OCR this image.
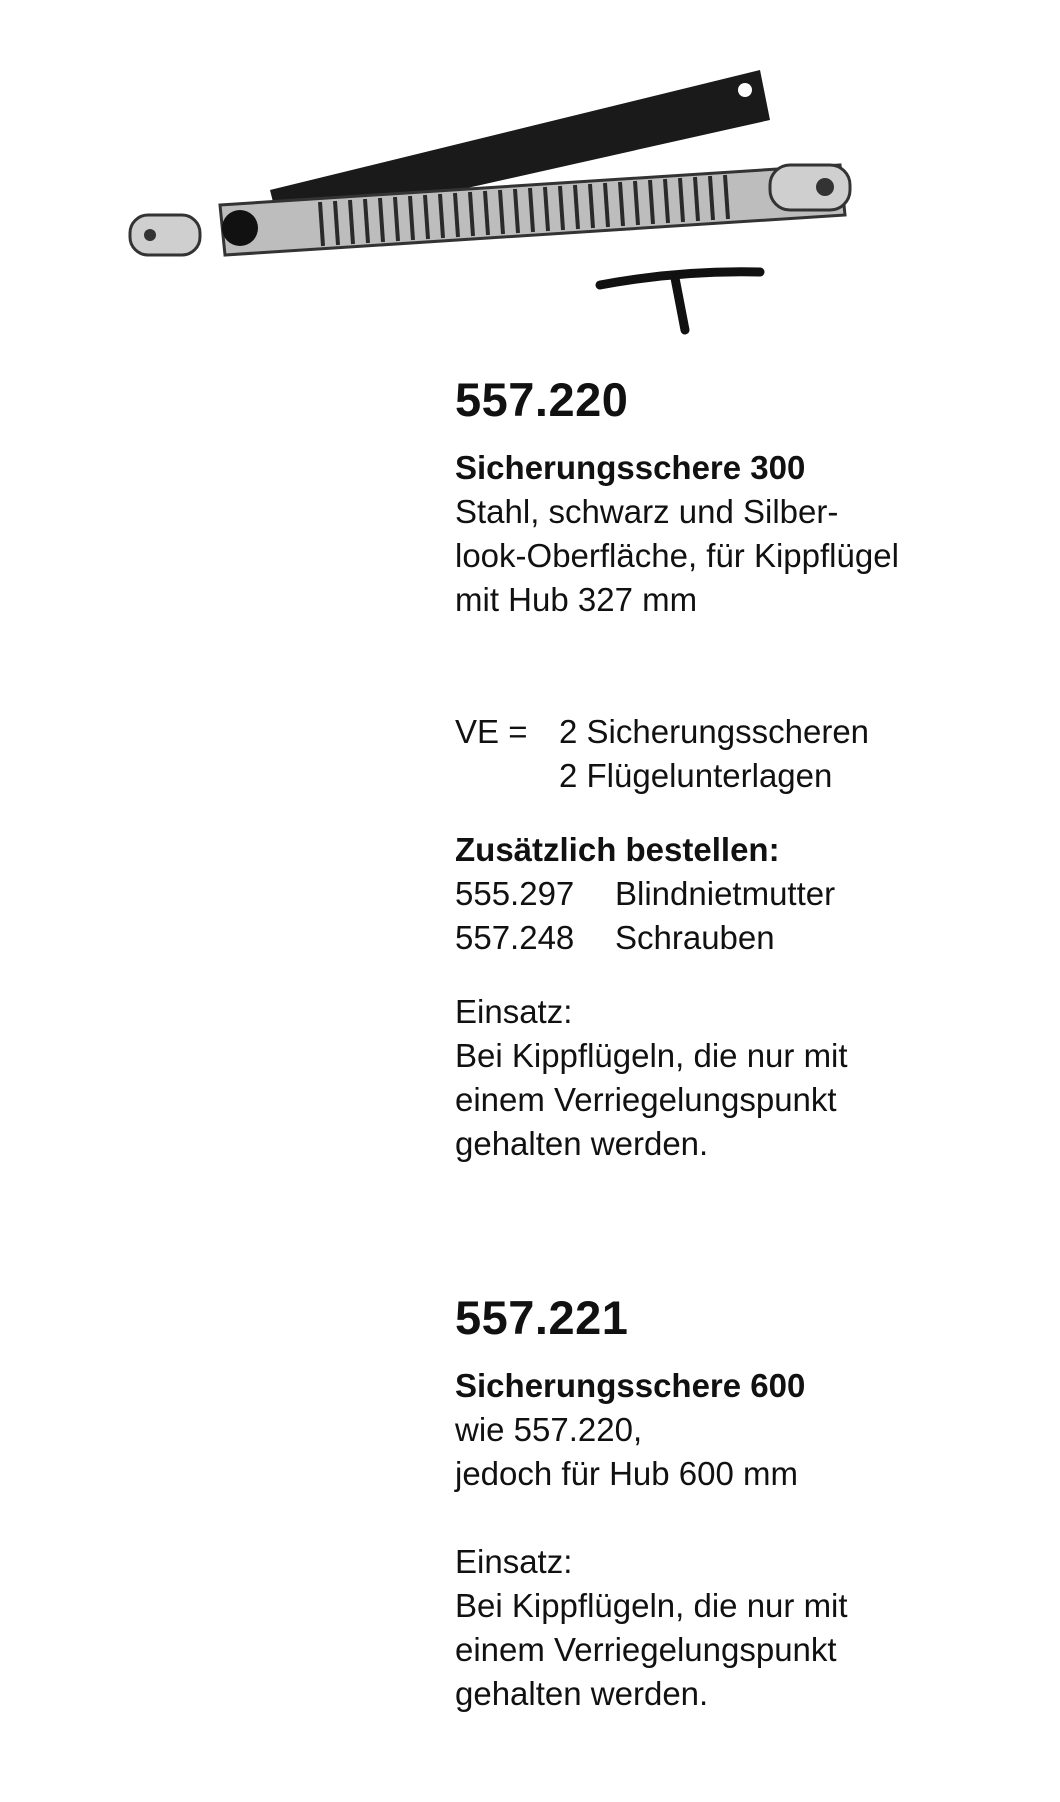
557.220

Sicherungsschere 300

Stahl, schwarz und Silber-

look-Oberfläche, für Kippflügel

mit Hub 327 mm

VE = 2 Sicherungsscheren
2 Flügelunterlagen

Zusätzlich bestellen:

555.297	Blindnietmutter
557.248	Schrauben

Einsatz:

Bei Kippflügeln, die nur mit

einem Verriegelungspunkt

gehalten werden.

557.221

Sicherungsschere 600

wie 557.220,

jedoch für Hub 600 mm

Einsatz:

Bei Kippflügeln, die nur mit

einem Verriegelungspunkt

gehalten werden.
